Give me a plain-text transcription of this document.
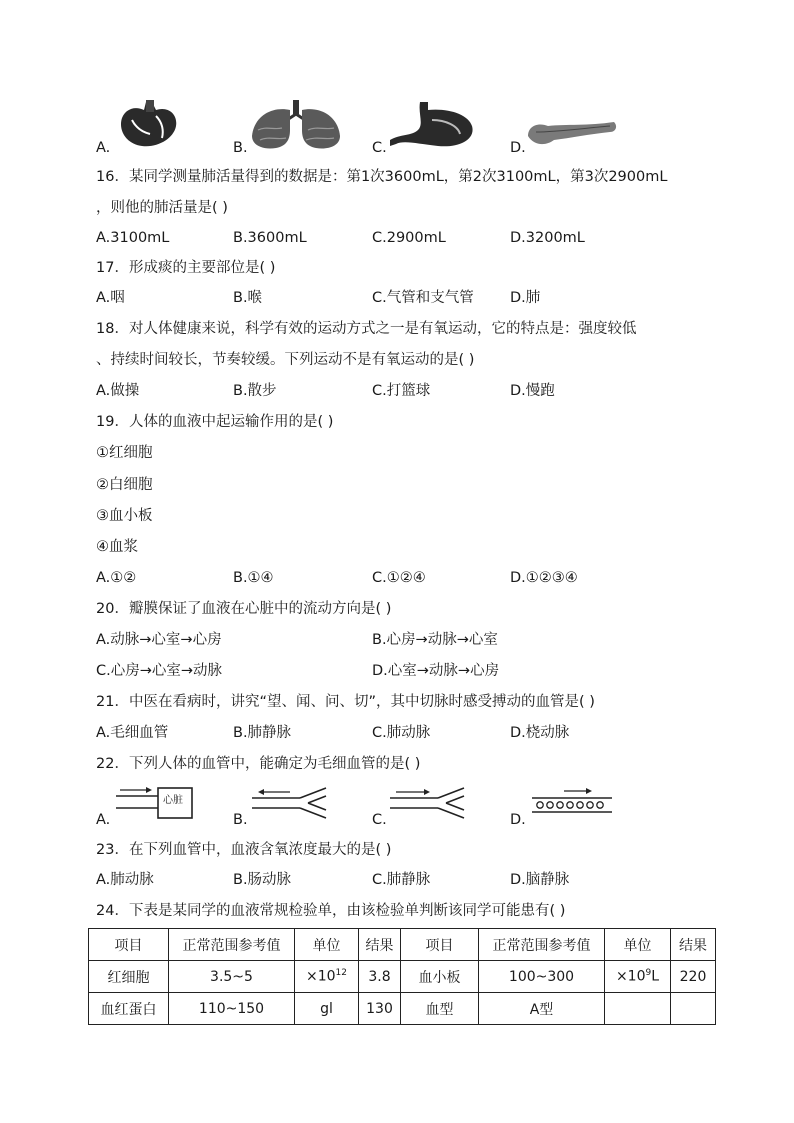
A.	B.	C.	D.
16．某同学测量肺活量得到的数据是：第1次3600mL，第2次3100mL，第3次2900mL
，则他的肺活量是( )
A.3100mL	B.3600mL	C.2900mL	D.3200mL
17．形成痰的主要部位是( )
A.咽	B.喉	C.气管和支气管	D.肺
18．对人体健康来说，科学有效的运动方式之一是有氧运动，它的特点是：强度较低
、持续时间较长，节奏较缓。下列运动不是有氧运动的是( )
A.做操	B.散步	C.打篮球	D.慢跑
19．人体的血液中起运输作用的是( )
①红细胞
②白细胞
③血小板
④血浆
A.①②	B.①④	C.①②④	D.①②③④
20．瓣膜保证了血液在心脏中的流动方向是( )
A.动脉→心室→心房	B.心房→动脉→心室
C.心房→心室→动脉	D.心室→动脉→心房
21．中医在看病时，讲究“望、闻、问、切”，其中切脉时感受搏动的血管是( )
A.毛细血管	B.肺静脉	C.肺动脉	D.桡动脉
22．下列人体的血管中，能确定为毛细血管的是( )
A.
心脏
B.	C.	D.
23．在下列血管中，血液含氧浓度最大的是( )
A.肺动脉	B.肠动脉	C.肺静脉	D.脑静脉
24．下表是某同学的血液常规检验单，由该检验单判断该同学可能患有( )
项目	正常范围参考值	单位	结果	项目	正常范围参考值	单位	结果
红细胞	3.5~5	$\times 10^{12}$	3.8	血小板	100~300	$\times 10^9L$	220
血红蛋白	110~150	gl	130	血型	A型		
